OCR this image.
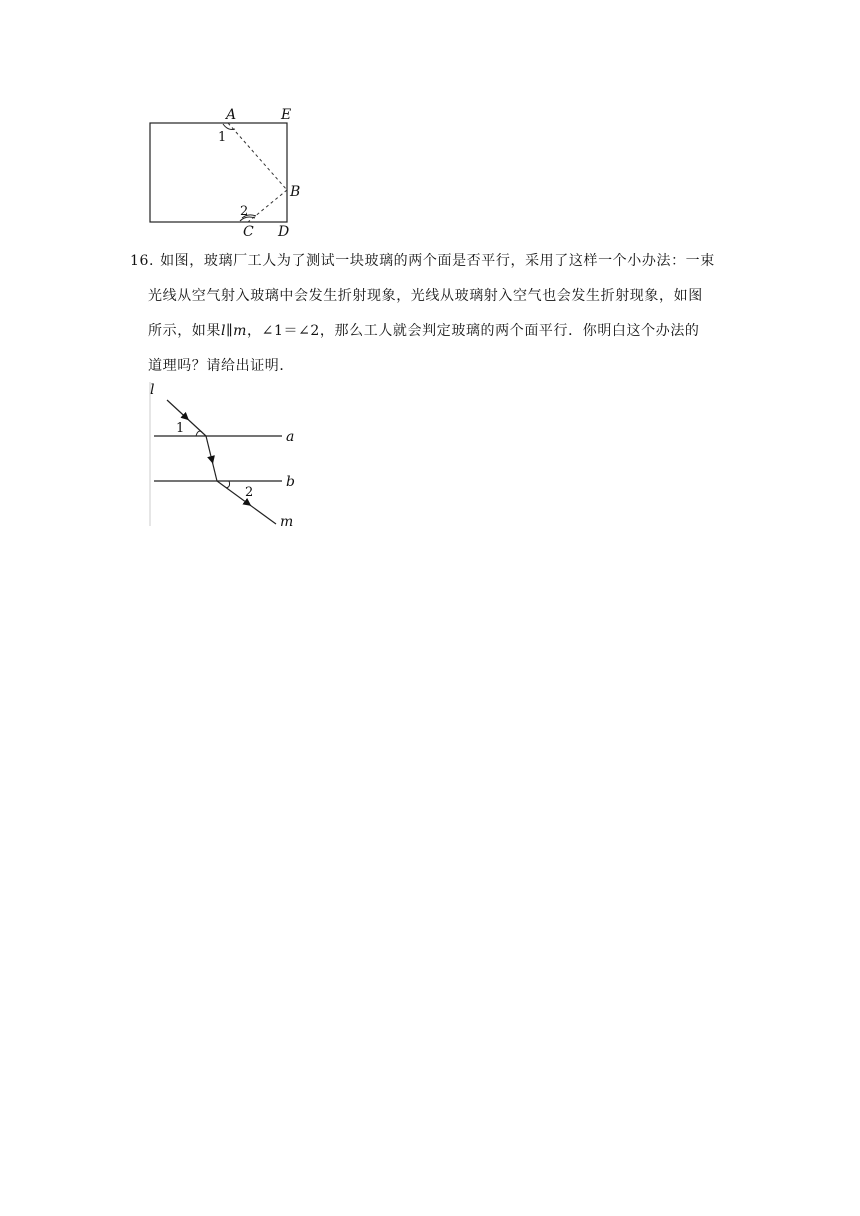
A	E
B
C D
1
2
16. 如图，玻璃厂工人为了测试一块玻璃的两个面是否平行，采用了这样一个小办法：一束
光线从空气射入玻璃中会发生折射现象，光线从玻璃射入空气也会发生折射现象，如图
所示，如果l∥m，∠1＝∠2，那么工人就会判定玻璃的两个面平行．你明白这个办法的
道理吗？请给出证明．
l
a
b
m
1
2
